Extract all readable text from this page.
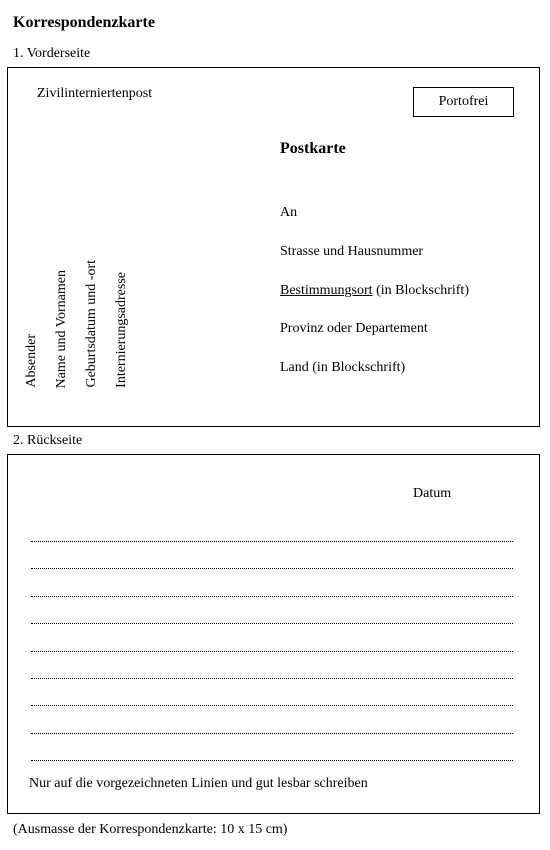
Korrespondenzkarte
1. Vorderseite
Zivilinterniertenpost
Portofrei
Postkarte
An
Strasse und Hausnummer
Bestimmungsort (in Blockschrift)
Provinz oder Departement
Land (in Blockschrift)
Absender Name und Vornamen Geburtsdatum und -ort Internierungsadresse
2. Rückseite
Datum
Nur auf die vorgezeichneten Linien und gut lesbar schreiben
(Ausmasse der Korrespondenzkarte: 10 x 15 cm)
